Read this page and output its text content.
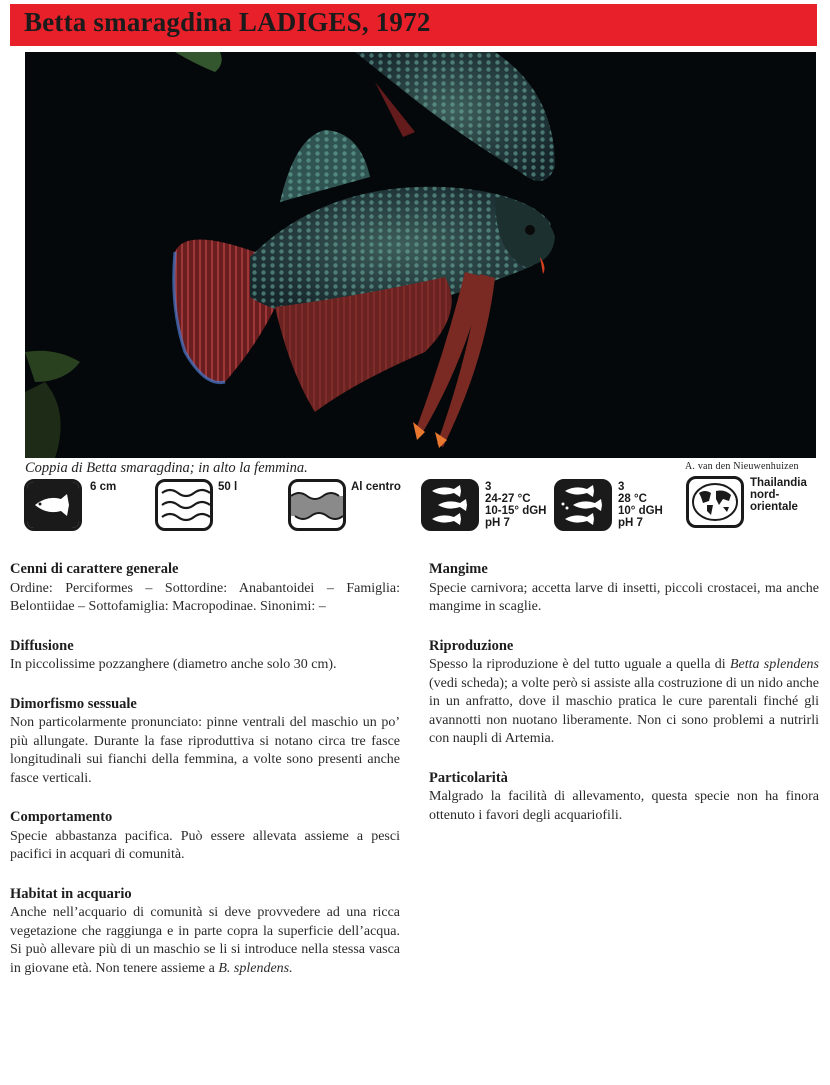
Betta smaragdina LADIGES, 1972
Coppia di Betta smaragdina; in alto la femmina.	A. van den Nieuwenhuizen
6 cm	50 l	Al centro	3
24-27 °C
10-15° dGH
pH 7
3
28 °C
10° dGH
pH 7
Thailandia
nord-
orientale
Cenni di carattere generale
Ordine: Perciformes – Sottordine: Anabantoidei – Famiglia: Belontiidae – Sottofamiglia: Macropodinae. Sinonimi: –
Diffusione
In piccolissime pozzanghere (diametro anche solo 30 cm).
Dimorfismo sessuale
Non particolarmente pronunciato: pinne ventrali del maschio un po’ più allungate. Durante la fase riproduttiva si notano circa tre fasce longitudinali sui fianchi della femmina, a volte sono presenti anche fasce verticali.
Comportamento
Specie abbastanza pacifica. Può essere allevata assieme a pesci pacifici in acquari di comunità.
Habitat in acquario
Anche nell’acquario di comunità si deve provvedere ad una ricca vegetazione che raggiunga e in parte copra la superficie dell’acqua. Si può allevare più di un maschio se li si introduce nella stessa vasca in giovane età. Non tenere assieme a B. splendens.
Mangime
Specie carnivora; accetta larve di insetti, piccoli crostacei, ma anche mangime in scaglie.
Riproduzione
Spesso la riproduzione è del tutto uguale a quella di Betta splendens (vedi scheda); a volte però si assiste alla costruzione di un nido anche in un anfratto, dove il maschio pratica le cure parentali finché gli avannotti non nuotano liberamente. Non ci sono problemi a nutrirli con naupli di Artemia.
Particolarità
Malgrado la facilità di allevamento, questa specie non ha finora ottenuto i favori degli acquariofili.
